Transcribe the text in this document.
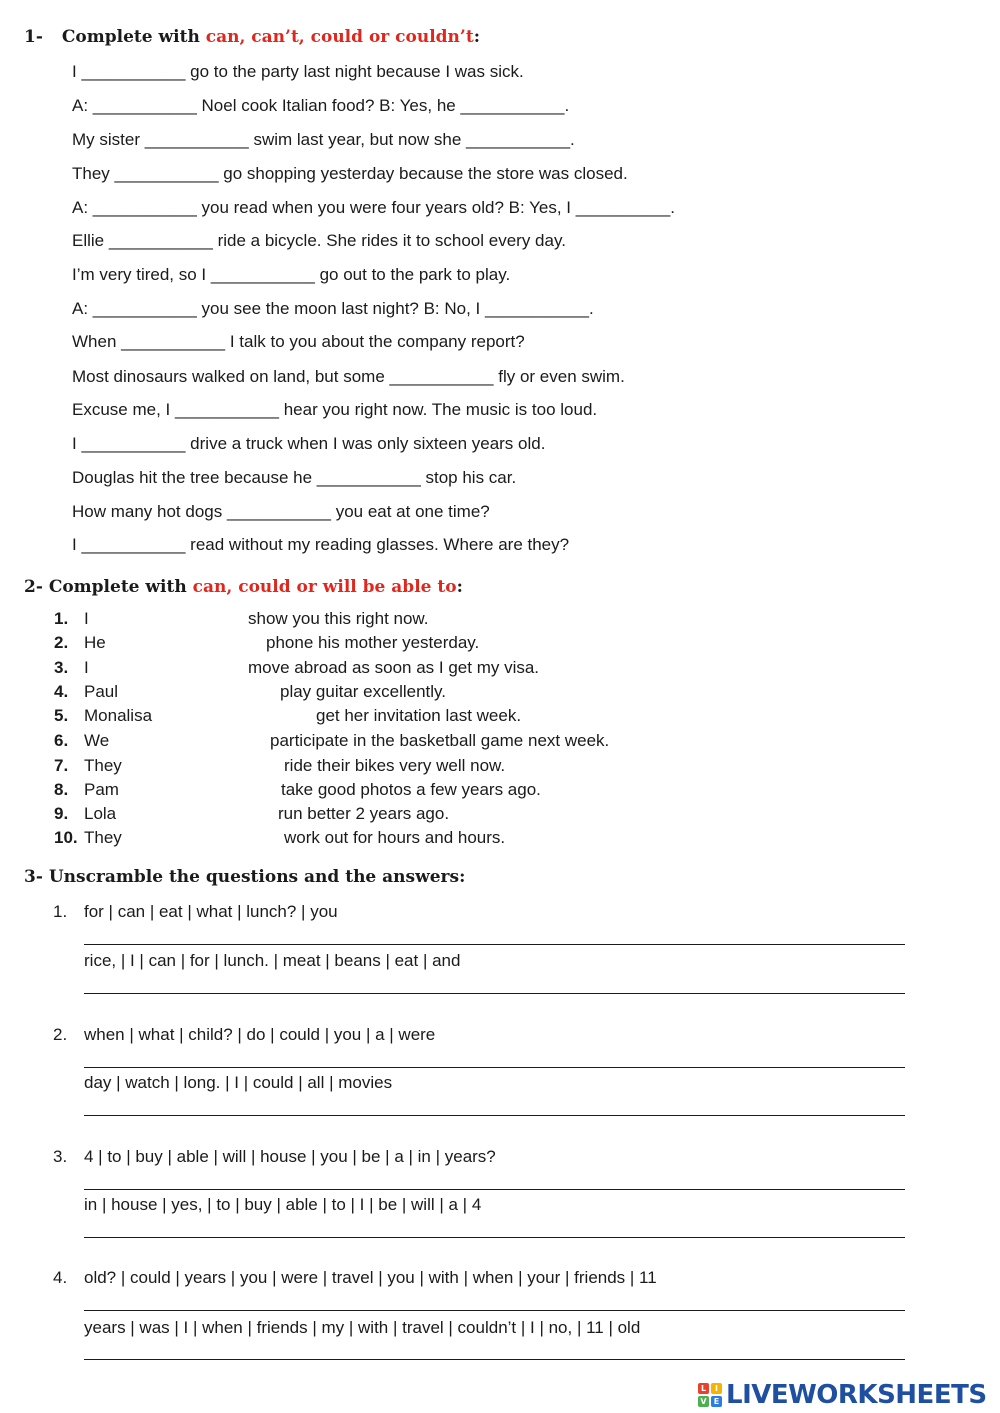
1- Complete with can, can’t, could or couldn’t:
I ___________ go to the party last night because I was sick.
A: ___________ Noel cook Italian food? B: Yes, he ___________.
My sister ___________ swim last year, but now she ___________.
They ___________ go shopping yesterday because the store was closed.
A: ___________ you read when you were four years old? B: Yes, I __________.
Ellie ___________ ride a bicycle. She rides it to school every day.
I’m very tired, so I ___________ go out to the park to play.
A: ___________ you see the moon last night? B: No, I ___________.
When ___________ I talk to you about the company report?
Most dinosaurs walked on land, but some ___________ fly or even swim.
Excuse me, I ___________ hear you right now. The music is too loud.
I ___________ drive a truck when I was only sixteen years old.
Douglas hit the tree because he ___________ stop his car.
How many hot dogs ___________ you eat at one time?
I ___________ read without my reading glasses. Where are they?
2- Complete with can, could or will be able to:
1. I	show you this right now.
2. He	phone his mother yesterday.
3. I	move abroad as soon as I get my visa.
4. Paul	play guitar excellently.
5. Monalisa	get her invitation last week.
6. We	participate in the basketball game next week.
7. They	ride their bikes very well now.
8. Pam	take good photos a few years ago.
9. Lola	run better 2 years ago.
10. They	work out for hours and hours.
3- Unscramble the questions and the answers:
1. for | can | eat | what | lunch? | you
rice, | I | can | for | lunch. | meat | beans | eat | and
2. when | what | child? | do | could | you | a | were
day | watch | long. | I | could | all | movies
3. 4 | to | buy | able | will | house | you | be | a | in | years?
in | house | yes, | to | buy | able | to | I | be | will | a | 4
4. old? | could | years | you | were | travel | you | with | when | your | friends | 11
years | was | I | when | friends | my | with | travel | couldn’t | I | no, | 11 | old
L	I
V E LIVEWORKSHEETS
